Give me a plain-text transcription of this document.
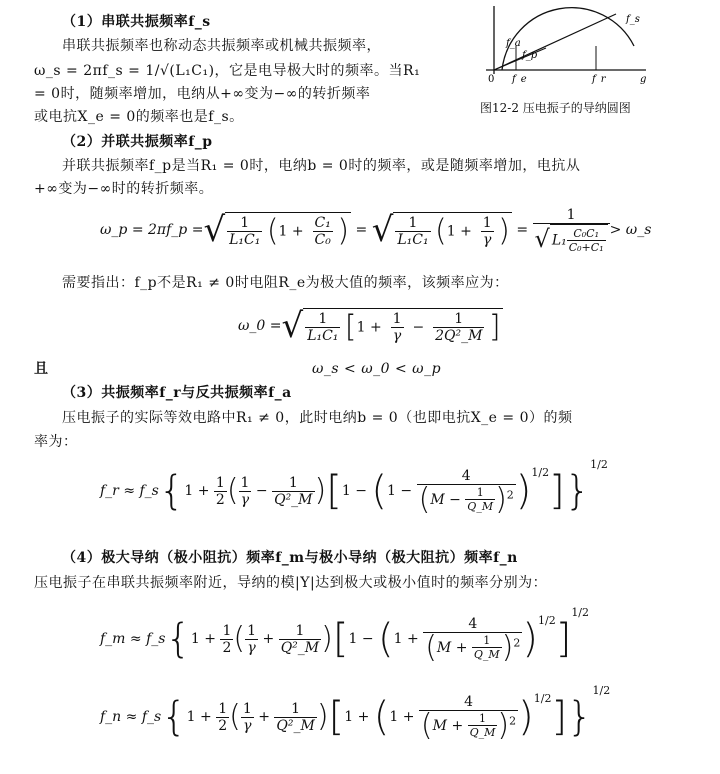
（1）串联共振频率f_s
串联共振频率也称动态共振频率或机械共振频率，
ω_s = 2πf_s = 1/√(L₁C₁)，它是电导极大时的频率。当R₁
= 0时，随频率增加，电纳从+∞变为−∞的转折频率
或电抗X_e = 0的频率也是f_s。
f_s
f_a
f_p
0 f_e	f_r	g
图12-2 压电振子的导纳圆图
（2）并联共振频率f_p
并联共振频率f_p是当R₁ = 0时，电纳b = 0时的频率，或是随频率增加，电抗从
+∞变为−∞时的转折频率。
ω_p = 2πf_p = √ $\frac{1}{\text{L₁C₁}} (1 + \frac{\text{C₁}}{\text{C₀}}$ ) = √ $\frac{1}{\text{L₁C₁}} (1 + \frac{1}{\gamma}$ ) = $\frac{1}{√ L_1 \frac{\text{C₀C₁}}{\text{C₀+C₁}}}$ > ω_s
需要指出：f_p不是R₁ ≠ 0时电阻R_e为极大值的频率，该频率应为：
ω_0 = √ $\frac{1}{\text{L₁C₁}} [1 + \frac{1}{\gamma} - \frac{1}{\text{2Q²\_M}}$ ]
且	ω_s < ω_0 < ω_p
（3）共振频率f_r与反共振频率f_a
压电振子的实际等效电路中R₁ ≠ 0，此时电纳b = 0（也即电抗X_e = 0）的频
率为：
f_r ≈ f_s { 1
+
$\frac{1}{2}$ ( $\frac{1}{\gamma}$
−
$\frac{1}{\text{Q²\_M}}$ ) [ 1
−
( 1
−
$\frac{4}{(M - \frac{1}{Q\_M} )^2} )^{1/2}$ ] }
1/2
（4）极大导纳（极小阻抗）频率f_m与极小导纳（极大阻抗）频率f_n
压电振子在串联共振频率附近，导纳的模|Y|达到极大或极小值时的频率分别为：
f_m ≈ f_s { 1
+
$\frac{1}{2}$ ( $\frac{1}{\gamma}$
+
$\frac{1}{\text{Q²\_M}}$ ) [ 1
−
( 1
+
$\frac{4}{(M + \frac{1}{Q\_M} )^2} )^{1/2}$ ]
1/2
f_n ≈ f_s { 1
+
$\frac{1}{2}$ ( $\frac{1}{\gamma}$
+
$\frac{1}{\text{Q²\_M}}$ ) [ 1
+
( 1
+
$\frac{4}{(M + \frac{1}{Q\_M} )^2} )^{1/2}$ ] }
1/2
